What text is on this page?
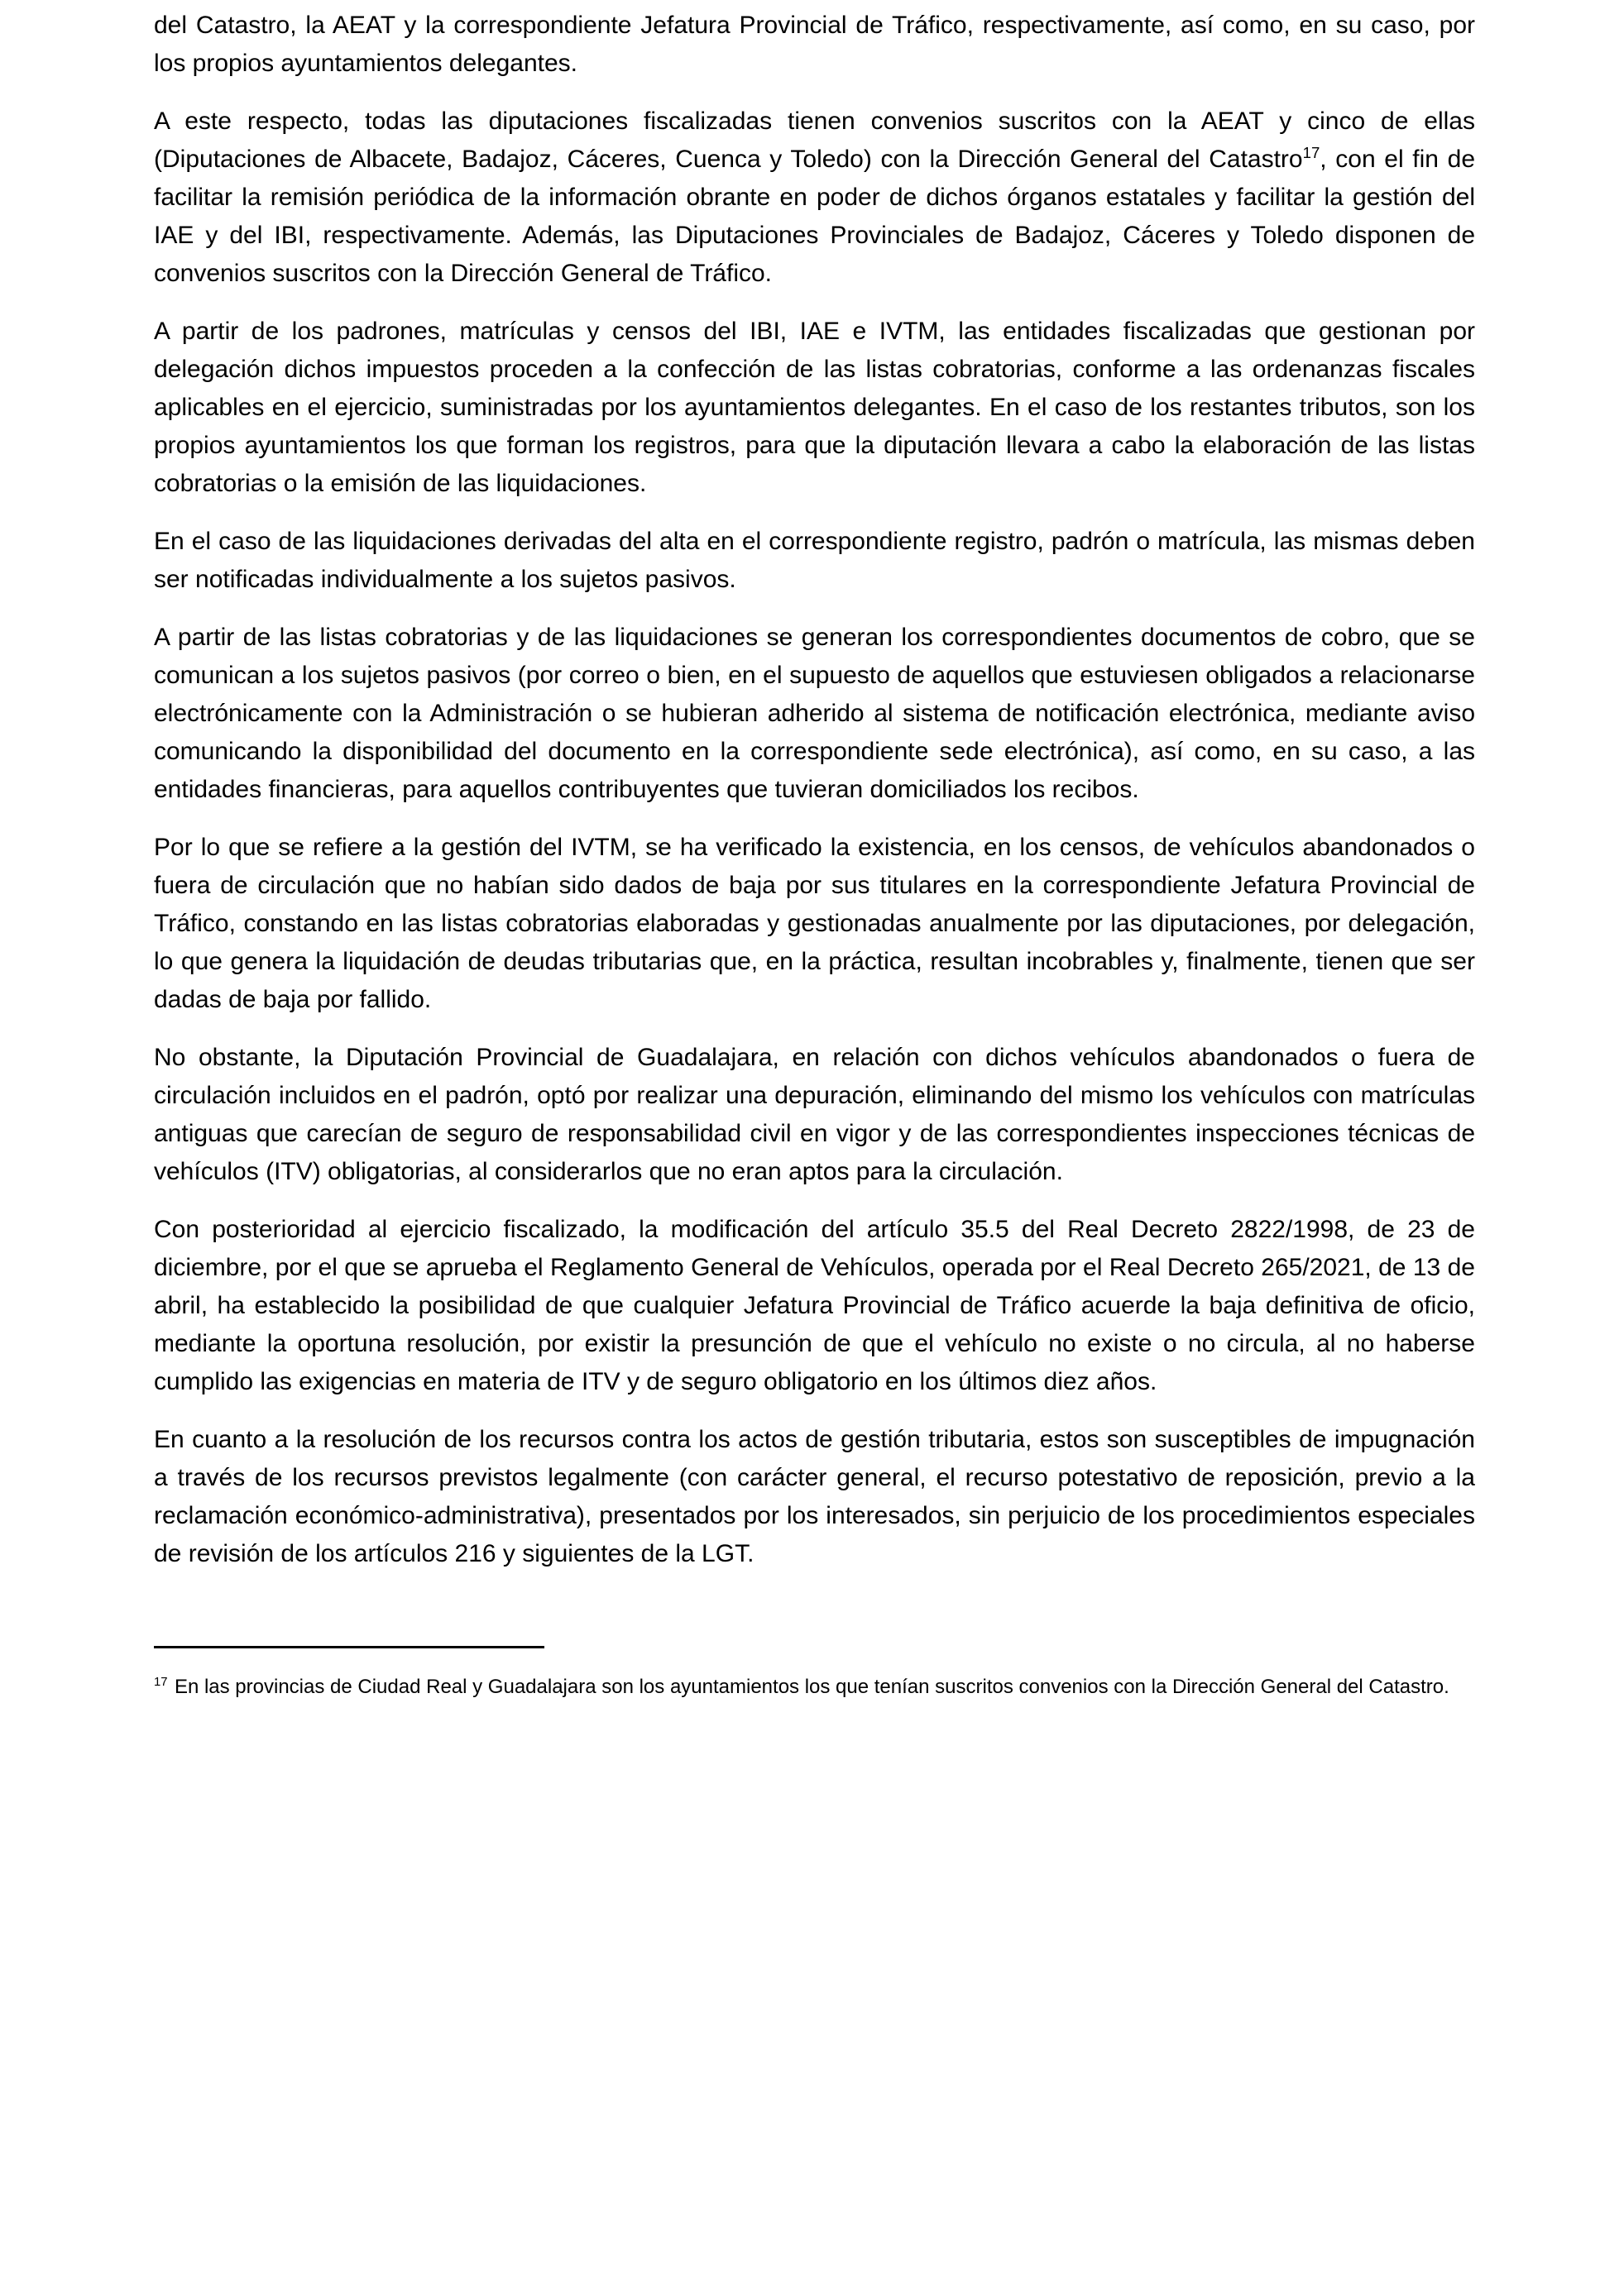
del Catastro, la AEAT y la correspondiente Jefatura Provincial de Tráfico, respectivamente, así como, en su caso, por los propios ayuntamientos delegantes.

A este respecto, todas las diputaciones fiscalizadas tienen convenios suscritos con la AEAT y cinco de ellas (Diputaciones de Albacete, Badajoz, Cáceres, Cuenca y Toledo) con la Dirección General del Catastro$^{17}$, con el fin de facilitar la remisión periódica de la información obrante en poder de dichos órganos estatales y facilitar la gestión del IAE y del IBI, respectivamente. Además, las Diputaciones Provinciales de Badajoz, Cáceres y Toledo disponen de convenios suscritos con la Dirección General de Tráfico.

A partir de los padrones, matrículas y censos del IBI, IAE e IVTM, las entidades fiscalizadas que gestionan por delegación dichos impuestos proceden a la confección de las listas cobratorias, conforme a las ordenanzas fiscales aplicables en el ejercicio, suministradas por los ayuntamientos delegantes. En el caso de los restantes tributos, son los propios ayuntamientos los que forman los registros, para que la diputación llevara a cabo la elaboración de las listas cobratorias o la emisión de las liquidaciones.

En el caso de las liquidaciones derivadas del alta en el correspondiente registro, padrón o matrícula, las mismas deben ser notificadas individualmente a los sujetos pasivos.

A partir de las listas cobratorias y de las liquidaciones se generan los correspondientes documentos de cobro, que se comunican a los sujetos pasivos (por correo o bien, en el supuesto de aquellos que estuviesen obligados a relacionarse electrónicamente con la Administración o se hubieran adherido al sistema de notificación electrónica, mediante aviso comunicando la disponibilidad del documento en la correspondiente sede electrónica), así como, en su caso, a las entidades financieras, para aquellos contribuyentes que tuvieran domiciliados los recibos.

Por lo que se refiere a la gestión del IVTM, se ha verificado la existencia, en los censos, de vehículos abandonados o fuera de circulación que no habían sido dados de baja por sus titulares en la correspondiente Jefatura Provincial de Tráfico, constando en las listas cobratorias elaboradas y gestionadas anualmente por las diputaciones, por delegación, lo que genera la liquidación de deudas tributarias que, en la práctica, resultan incobrables y, finalmente, tienen que ser dadas de baja por fallido.

No obstante, la Diputación Provincial de Guadalajara, en relación con dichos vehículos abandonados o fuera de circulación incluidos en el padrón, optó por realizar una depuración, eliminando del mismo los vehículos con matrículas antiguas que carecían de seguro de responsabilidad civil en vigor y de las correspondientes inspecciones técnicas de vehículos (ITV) obligatorias, al considerarlos que no eran aptos para la circulación.

Con posterioridad al ejercicio fiscalizado, la modificación del artículo 35.5 del Real Decreto 2822/1998, de 23 de diciembre, por el que se aprueba el Reglamento General de Vehículos, operada por el Real Decreto 265/2021, de 13 de abril, ha establecido la posibilidad de que cualquier Jefatura Provincial de Tráfico acuerde la baja definitiva de oficio, mediante la oportuna resolución, por existir la presunción de que el vehículo no existe o no circula, al no haberse cumplido las exigencias en materia de ITV y de seguro obligatorio en los últimos diez años.

En cuanto a la resolución de los recursos contra los actos de gestión tributaria, estos son susceptibles de impugnación a través de los recursos previstos legalmente (con carácter general, el recurso potestativo de reposición, previo a la reclamación económico-administrativa), presentados por los interesados, sin perjuicio de los procedimientos especiales de revisión de los artículos 216 y siguientes de la LGT.

$^{17}$ En las provincias de Ciudad Real y Guadalajara son los ayuntamientos los que tenían suscritos convenios con la Dirección General del Catastro.
